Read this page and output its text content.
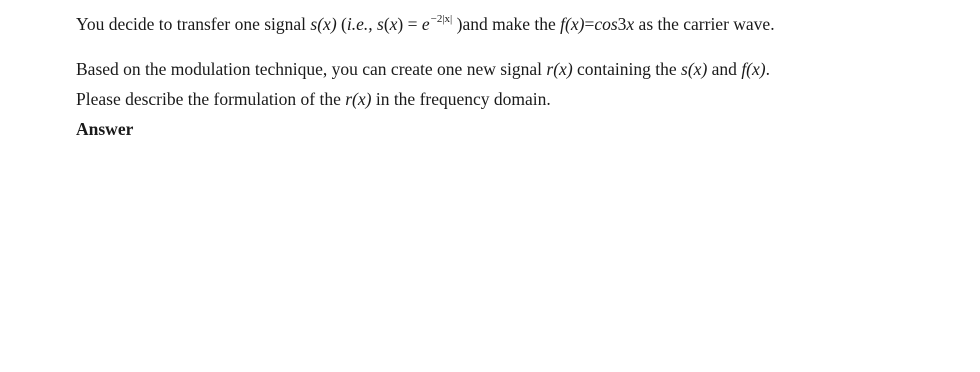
You decide to transfer one signal s(x) (i.e., $s(x) = e^{-2|x|}$ )and make the f(x)=cos3x as the carrier wave.
Based on the modulation technique, you can create one new signal r(x) containing the s(x) and f(x).
Please describe the formulation of the r(x) in the frequency domain.
Answer
